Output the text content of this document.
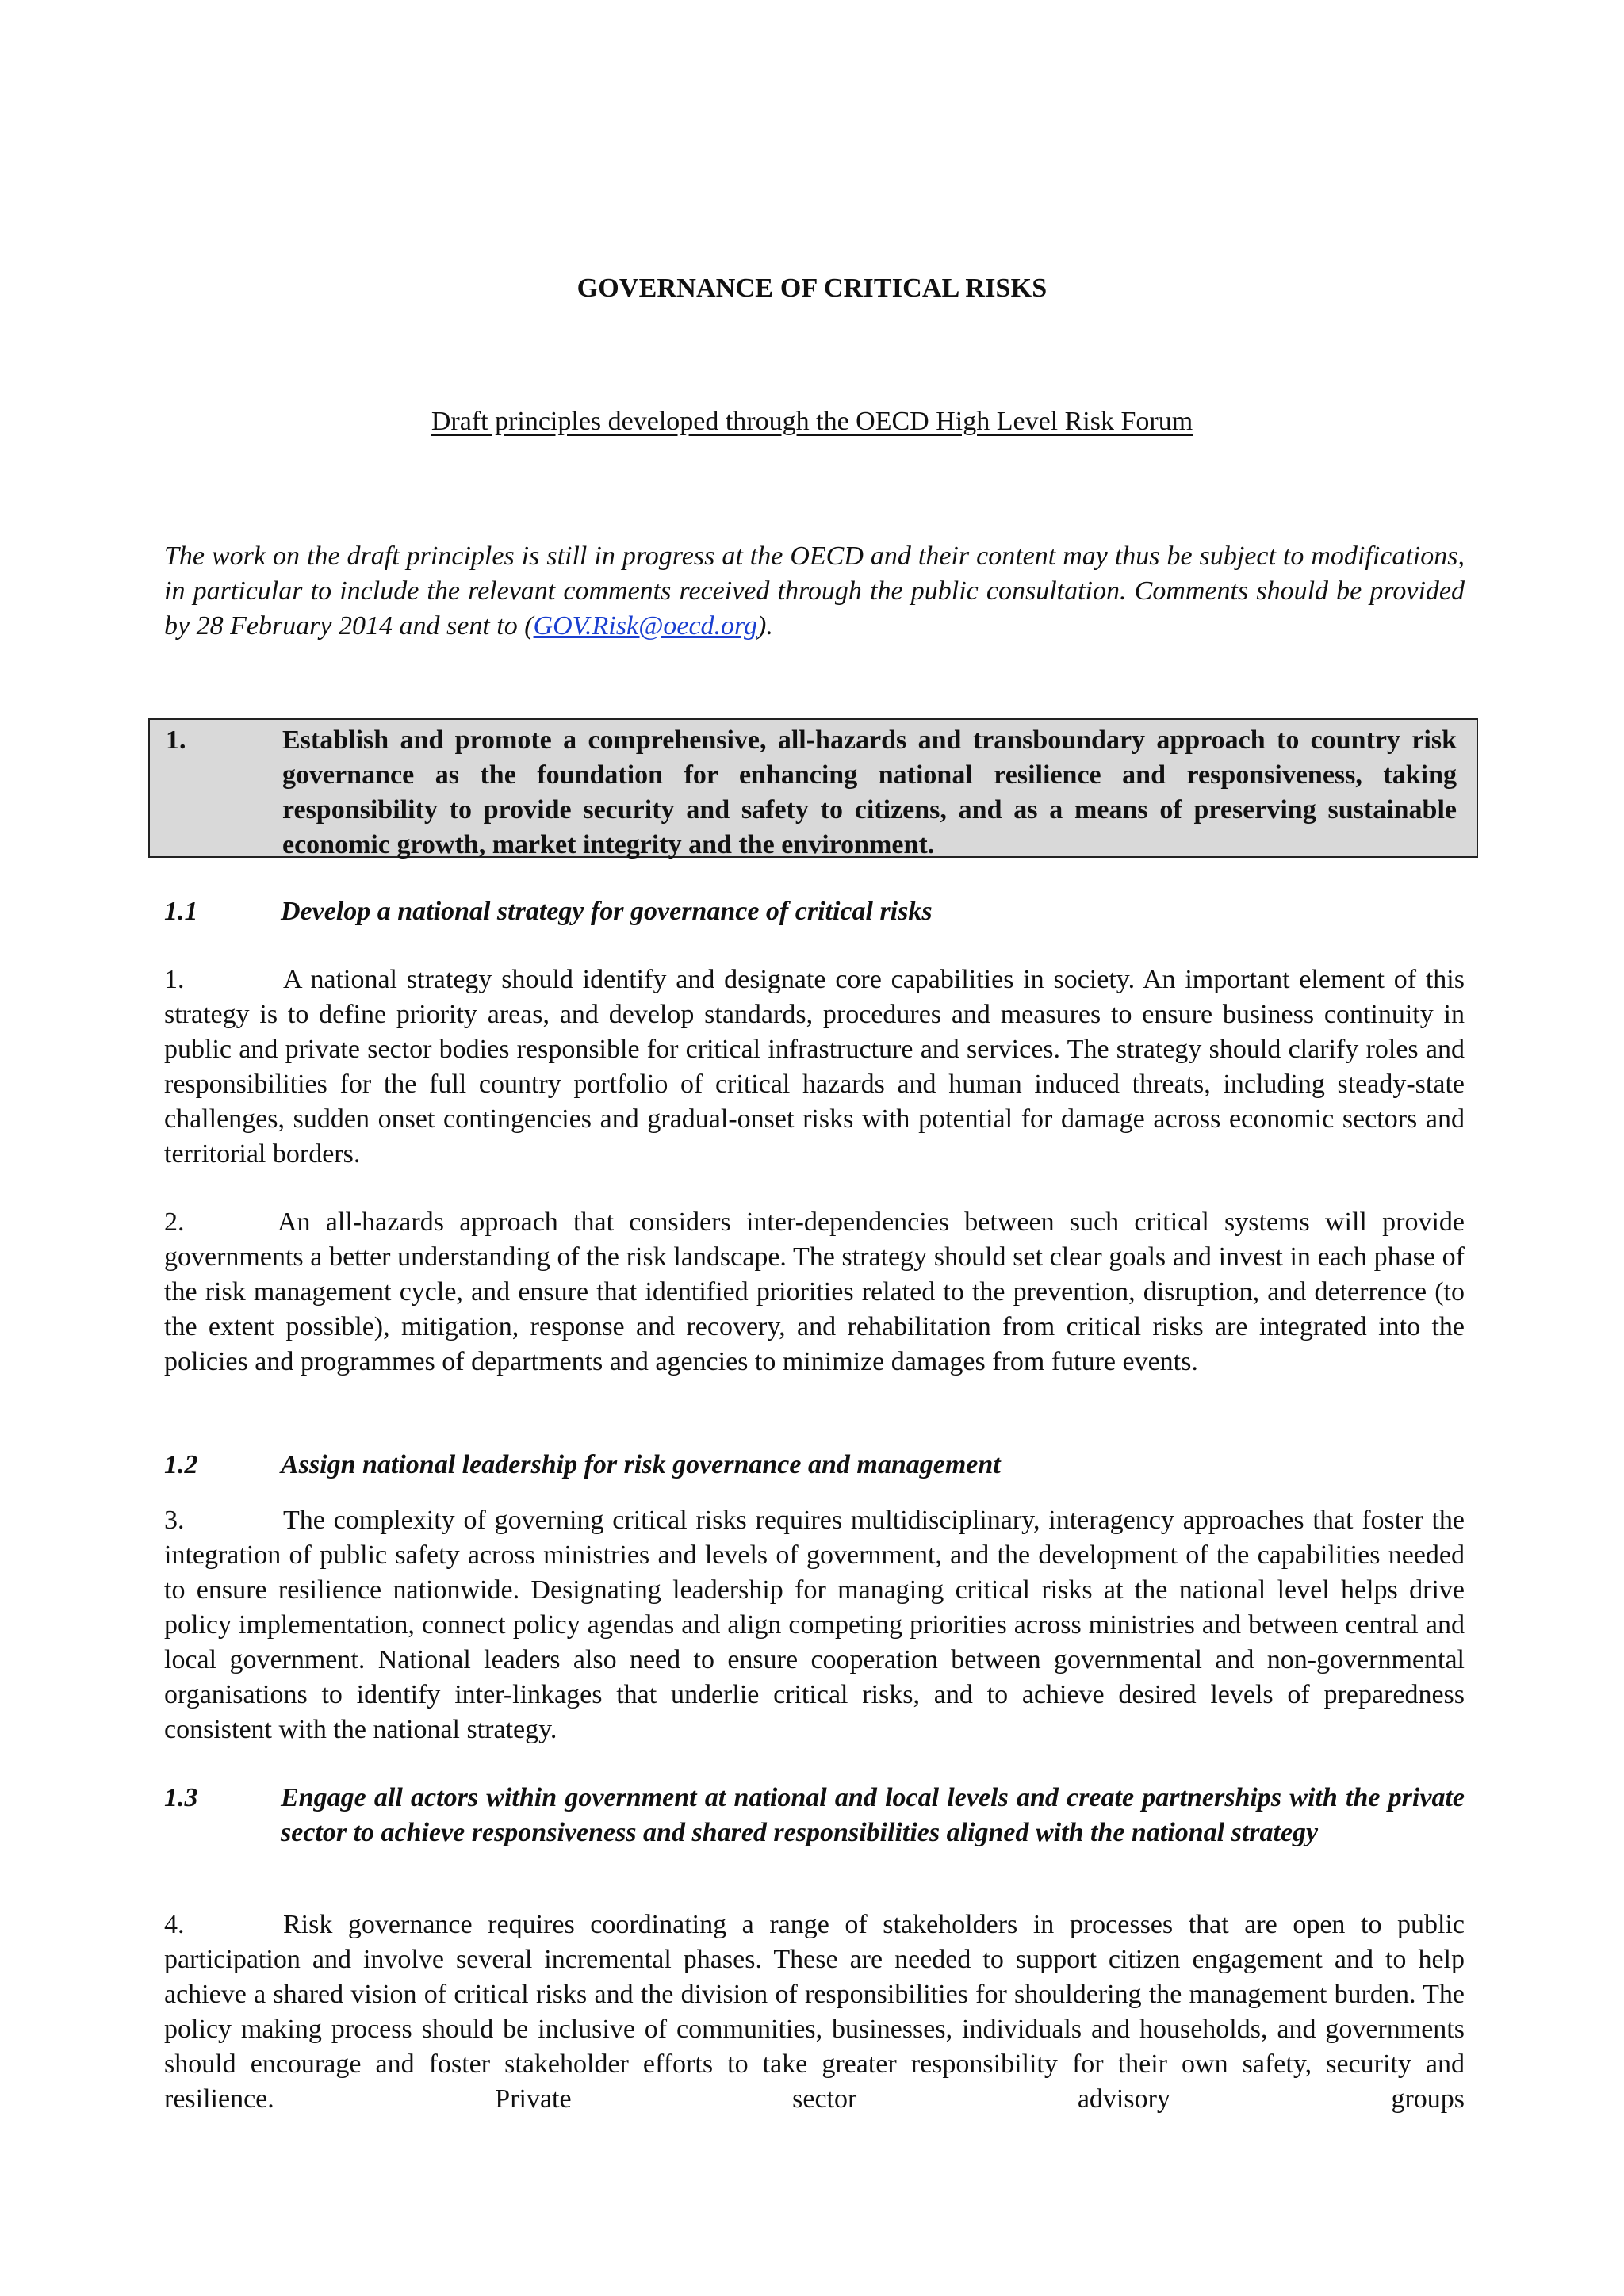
GOVERNANCE OF CRITICAL RISKS
Draft principles developed through the OECD High Level Risk Forum
The work on the draft principles is still in progress at the OECD and their content may thus be subject to modifications, in particular to include the relevant comments received through the public consultation. Comments should be provided by 28 February 2014 and sent to (GOV.Risk@oecd.org).
1.	Establish and promote a comprehensive, all-hazards and transboundary approach to country risk governance as the foundation for enhancing national resilience and responsiveness, taking responsibility to provide security and safety to citizens, and as a means of preserving sustainable economic growth, market integrity and the environment.
1.1	Develop a national strategy for governance of critical risks
1.	A national strategy should identify and designate core capabilities in society. An important element of this strategy is to define priority areas, and develop standards, procedures and measures to ensure business continuity in public and private sector bodies responsible for critical infrastructure and services. The strategy should clarify roles and responsibilities for the full country portfolio of critical hazards and human induced threats, including steady-state challenges, sudden onset contingencies and gradual-onset risks with potential for damage across economic sectors and territorial borders.
2.	An all-hazards approach that considers inter-dependencies between such critical systems will provide governments a better understanding of the risk landscape. The strategy should set clear goals and invest in each phase of the risk management cycle, and ensure that identified priorities related to the prevention, disruption, and deterrence (to the extent possible), mitigation, response and recovery, and rehabilitation from critical risks are integrated into the policies and programmes of departments and agencies to minimize damages from future events.
1.2	Assign national leadership for risk governance and management
3.	The complexity of governing critical risks requires multidisciplinary, interagency approaches that foster the integration of public safety across ministries and levels of government, and the development of the capabilities needed to ensure resilience nationwide. Designating leadership for managing critical risks at the national level helps drive policy implementation, connect policy agendas and align competing priorities across ministries and between central and local government. National leaders also need to ensure cooperation between governmental and non-governmental organisations to identify inter-linkages that underlie critical risks, and to achieve desired levels of preparedness consistent with the national strategy.
1.3	Engage all actors within government at national and local levels and create partnerships with the private sector to achieve responsiveness and shared responsibilities aligned with the national strategy
4.	Risk governance requires coordinating a range of stakeholders in processes that are open to public participation and involve several incremental phases. These are needed to support citizen engagement and to help achieve a shared vision of critical risks and the division of responsibilities for shouldering the management burden. The policy making process should be inclusive of communities, businesses, individuals and households, and governments should encourage and foster stakeholder efforts to take greater responsibility for their own safety, security and resilience. Private sector advisory groups
